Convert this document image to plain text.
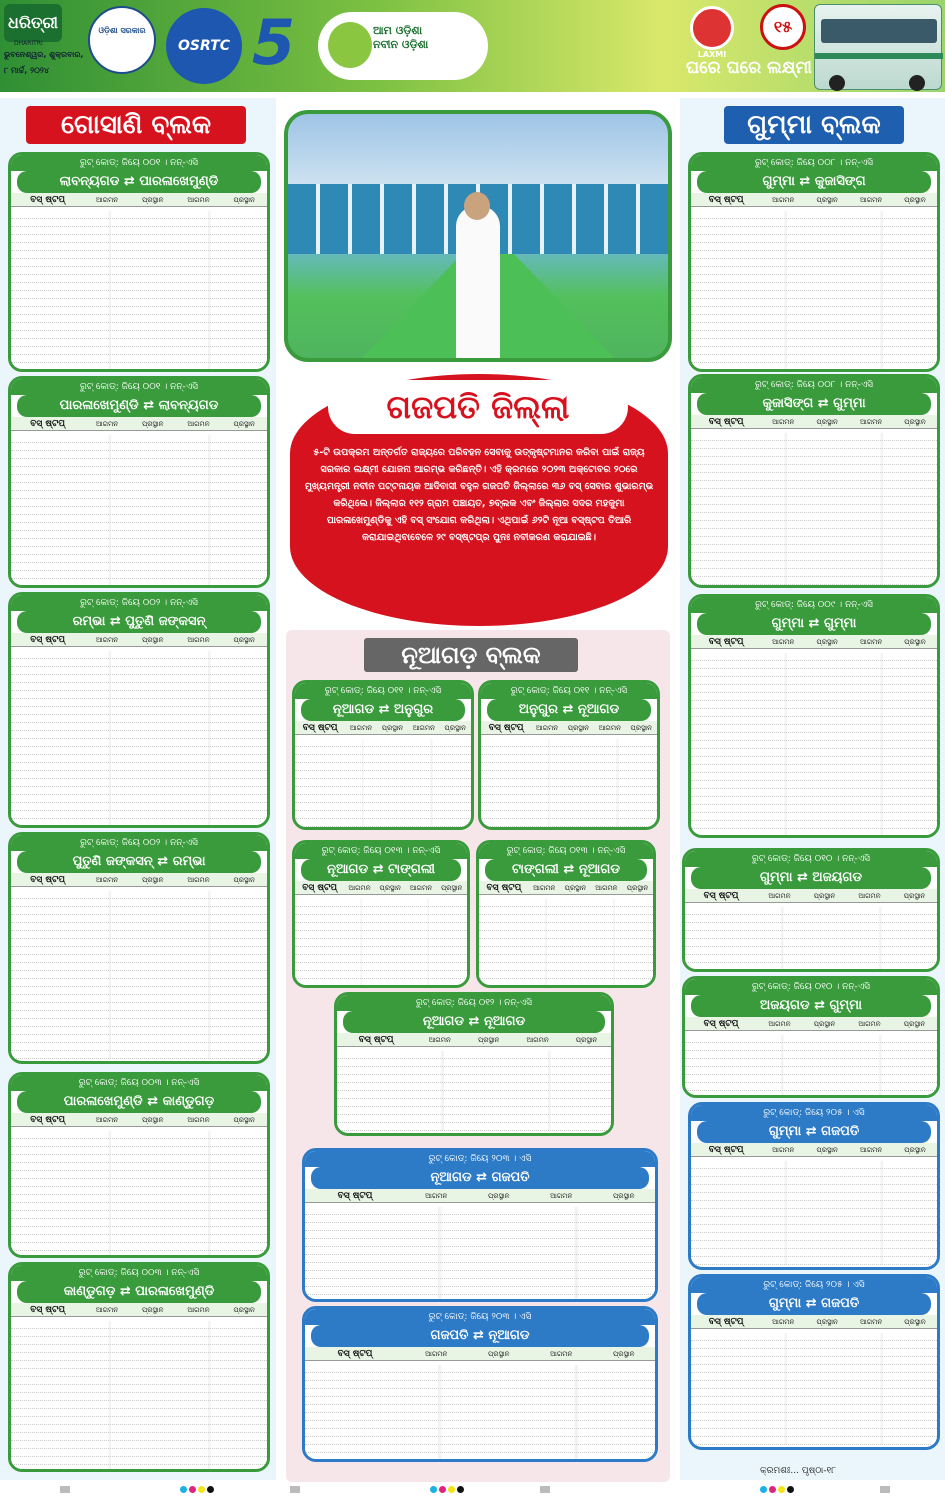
ଧରିତ୍ରୀ
DHARITRI
ଭୁବନେଶ୍ୱର, ଶୁକ୍ରବାର,
୮ ମାର୍ଚ୍ଚ, ୨୦୨୪
ଓଡ଼ିଶା ସରକାର
OSRTC 5	ଆମ ଓଡ଼ିଶା
ନବୀନ ଓଡ଼ିଶା
LAXMI
୧୫
ଘରେ ଘରେ ଲକ୍ଷ୍ମୀ
ଗୋସାଣି ବ୍ଲକ	ଗୁମ୍ମା ବ୍ଲକ
ଗଜପତି ଜିଲ୍ଲା
୫-ଟି ଉପକ୍ରମ ଅନ୍ତର୍ଗତ ରାଜ୍ୟରେ ପରିବହନ ସେବାକୁ ଉତ୍କୃଷ୍ଟମାନର କରିବା ପାଇଁ ରାଜ୍ୟ ସରକାର ଲକ୍ଷ୍ମୀ ଯୋଜନା ଆରମ୍ଭ କରିଛନ୍ତି। ଏହି କ୍ରମରେ ୨୦୨୩ ଅକ୍ଟୋବର ୨୦ରେ ମୁଖ୍ୟମନ୍ତ୍ରୀ ନବୀନ ପଟ୍ଟନାୟକ ଆଦିବାସୀ ବହୁଳ ଗଜପତି ଜିଲ୍ଲାରେ ୩୬ ବସ୍ ସେବାର ଶୁଭାରମ୍ଭ କରିଥିଲେ। ଜିଲ୍ଲାର ୧୧୨ ଗ୍ରାମ ପଞ୍ଚାୟତ, ୭ବ୍ଲକ ଏବଂ ଜିଲ୍ଲାର ସଦର ମହକୁମା ପାରଳାଖେମୁଣ୍ଡିକୁ ଏହି ବସ୍ ସଂଯୋଗ କରିଥିଲା। ଏଥିପାଇଁ ୬୨ଟି ନୂଆ ବସ୍‌ଷ୍ଟପ ତିଆରି କରାଯାଇଥିବାବେଳେ ୨୯ ବସ୍‌ଷ୍ଟପ୍‌ର ପୁନଃ ନବୀକରଣ କରାଯାଇଛି।
ନୂଆଗଡ଼ ବ୍ଲକ
ରୁଟ୍ କୋଡ୍: ଜିୟେ ୦୦୧ । ନନ୍-ଏସି
ଲାବନ୍ୟଗଡ ⇄ ପାରଳାଖେମୁଣ୍ଡି
ବସ୍ ଷ୍ଟପ୍	ଆଗମନ	ପ୍ରସ୍ଥାନ	ଆଗମନ	ପ୍ରସ୍ଥାନ
ରୁଟ୍ କୋଡ୍: ଜିୟେ ୦୦୧ । ନନ୍-ଏସି
ପାରଳାଖେମୁଣ୍ଡି ⇄ ଲାବନ୍ୟଗଡ
ବସ୍ ଷ୍ଟପ୍	ଆଗମନ	ପ୍ରସ୍ଥାନ	ଆଗମନ	ପ୍ରସ୍ଥାନ
ରୁଟ୍ କୋଡ୍: ଜିୟେ ୦୦୨ । ନନ୍-ଏସି
ରମ୍ଭା ⇄ ପୁତୁଣି ଜଙ୍କସନ୍
ବସ୍ ଷ୍ଟପ୍	ଆଗମନ	ପ୍ରସ୍ଥାନ	ଆଗମନ	ପ୍ରସ୍ଥାନ
ରୁଟ୍ କୋଡ୍: ଜିୟେ ୦୦୨ । ନନ୍-ଏସି
ପୁତୁଣି ଜଙ୍କସନ୍ ⇄ ରମ୍ଭା
ବସ୍ ଷ୍ଟପ୍	ଆଗମନ	ପ୍ରସ୍ଥାନ	ଆଗମନ	ପ୍ରସ୍ଥାନ
ରୁଟ୍ କୋଡ୍: ଜିୟେ ୦୦୩ । ନନ୍-ଏସି
ପାରଳାଖେମୁଣ୍ଡି ⇄ କାଣ୍ଡୁଗଡ଼
ବସ୍ ଷ୍ଟପ୍	ଆଗମନ	ପ୍ରସ୍ଥାନ	ଆଗମନ	ପ୍ରସ୍ଥାନ
ରୁଟ୍ କୋଡ୍: ଜିୟେ ୦୦୩ । ନନ୍-ଏସି
କାଣ୍ଡୁଗଡ଼ ⇄ ପାରଳାଖେମୁଣ୍ଡି
ବସ୍ ଷ୍ଟପ୍	ଆଗମନ	ପ୍ରସ୍ଥାନ	ଆଗମନ	ପ୍ରସ୍ଥାନ
ରୁଟ୍ କୋଡ୍: ଜିୟେ ୦୦୮ । ନନ୍-ଏସି
ଗୁମ୍ମା ⇄ କୁଜାସିଙ୍ଗ
ବସ୍ ଷ୍ଟପ୍	ଆଗମନ	ପ୍ରସ୍ଥାନ	ଆଗମନ	ପ୍ରସ୍ଥାନ
ରୁଟ୍ କୋଡ୍: ଜିୟେ ୦୦୮ । ନନ୍-ଏସି
କୁଜାସିଙ୍ଗ ⇄ ଗୁମ୍ମା
ବସ୍ ଷ୍ଟପ୍	ଆଗମନ	ପ୍ରସ୍ଥାନ	ଆଗମନ	ପ୍ରସ୍ଥାନ
ରୁଟ୍ କୋଡ୍: ଜିୟେ ୦୦୯ । ନନ୍-ଏସି
ଗୁମ୍ମା ⇄ ଗୁମ୍ମା
ବସ୍ ଷ୍ଟପ୍	ଆଗମନ	ପ୍ରସ୍ଥାନ	ଆଗମନ	ପ୍ରସ୍ଥାନ
ରୁଟ୍ କୋଡ୍: ଜିୟେ ୦୧୦ । ନନ୍-ଏସି
ଗୁମ୍ମା ⇄ ଅଜୟଗଡ
ବସ୍ ଷ୍ଟପ୍	ଆଗମନ	ପ୍ରସ୍ଥାନ	ଆଗମନ	ପ୍ରସ୍ଥାନ
ରୁଟ୍ କୋଡ୍: ଜିୟେ ୦୧୦ । ନନ୍-ଏସି
ଅଜୟଗଡ ⇄ ଗୁମ୍ମା
ବସ୍ ଷ୍ଟପ୍	ଆଗମନ	ପ୍ରସ୍ଥାନ	ଆଗମନ	ପ୍ରସ୍ଥାନ
ରୁଟ୍ କୋଡ୍: ଜିୟେ ୨୦୫ । ଏସି
ଗୁମ୍ମା ⇄ ଗଜପତି
ବସ୍ ଷ୍ଟପ୍	ଆଗମନ	ପ୍ରସ୍ଥାନ	ଆଗମନ	ପ୍ରସ୍ଥାନ
ରୁଟ୍ କୋଡ୍: ଜିୟେ ୨୦୫ । ଏସି
ଗୁମ୍ମା ⇄ ଗଜପତି
ବସ୍ ଷ୍ଟପ୍	ଆଗମନ	ପ୍ରସ୍ଥାନ	ଆଗମନ	ପ୍ରସ୍ଥାନ
ରୁଟ୍ କୋଡ୍: ଜିୟେ ୦୧୧ । ନନ୍-ଏସି
ନୂଆଗଡ ⇄ ଅନୁଗୁର
ବସ୍ ଷ୍ଟପ୍	ଆଗମନ	ପ୍ରସ୍ଥାନ	ଆଗମନ	ପ୍ରସ୍ଥାନ
ରୁଟ୍ କୋଡ୍: ଜିୟେ ୦୧୧ । ନନ୍-ଏସି
ଅନୁଗୁର ⇄ ନୂଆଗଡ
ବସ୍ ଷ୍ଟପ୍	ଆଗମନ	ପ୍ରସ୍ଥାନ	ଆଗମନ	ପ୍ରସ୍ଥାନ
ରୁଟ୍ କୋଡ୍: ଜିୟେ ୦୧୩ । ନନ୍-ଏସି
ନୂଆଗଡ ⇄ ଟାଙ୍ଗଲୀ
ବସ୍ ଷ୍ଟପ୍	ଆଗମନ	ପ୍ରସ୍ଥାନ	ଆଗମନ	ପ୍ରସ୍ଥାନ
ରୁଟ୍ କୋଡ୍: ଜିୟେ ୦୧୩ । ନନ୍-ଏସି
ଟାଙ୍ଗଲୀ ⇄ ନୂଆଗଡ
ବସ୍ ଷ୍ଟପ୍	ଆଗମନ	ପ୍ରସ୍ଥାନ	ଆଗମନ	ପ୍ରସ୍ଥାନ
ରୁଟ୍ କୋଡ୍: ଜିୟେ ୦୧୨ । ନନ୍-ଏସି
ନୂଆଗଡ ⇄ ନୂଆଗଡ
ବସ୍ ଷ୍ଟପ୍	ଆଗମନ	ପ୍ରସ୍ଥାନ	ଆଗମନ	ପ୍ରସ୍ଥାନ
ରୁଟ୍ କୋଡ୍: ଜିୟେ ୨୦୩ । ଏସି
ନୂଆଗଡ ⇄ ଗଜପତି
ବସ୍ ଷ୍ଟପ୍	ଆଗମନ	ପ୍ରସ୍ଥାନ	ଆଗମନ	ପ୍ରସ୍ଥାନ
ରୁଟ୍ କୋଡ୍: ଜିୟେ ୨୦୩ । ଏସି
ଗଜପତି ⇄ ନୂଆଗଡ
ବସ୍ ଷ୍ଟପ୍	ଆଗମନ	ପ୍ରସ୍ଥାନ	ଆଗମନ	ପ୍ରସ୍ଥାନ
କ୍ରମଶଃ... ପୃଷ୍ଠା-୧୮
